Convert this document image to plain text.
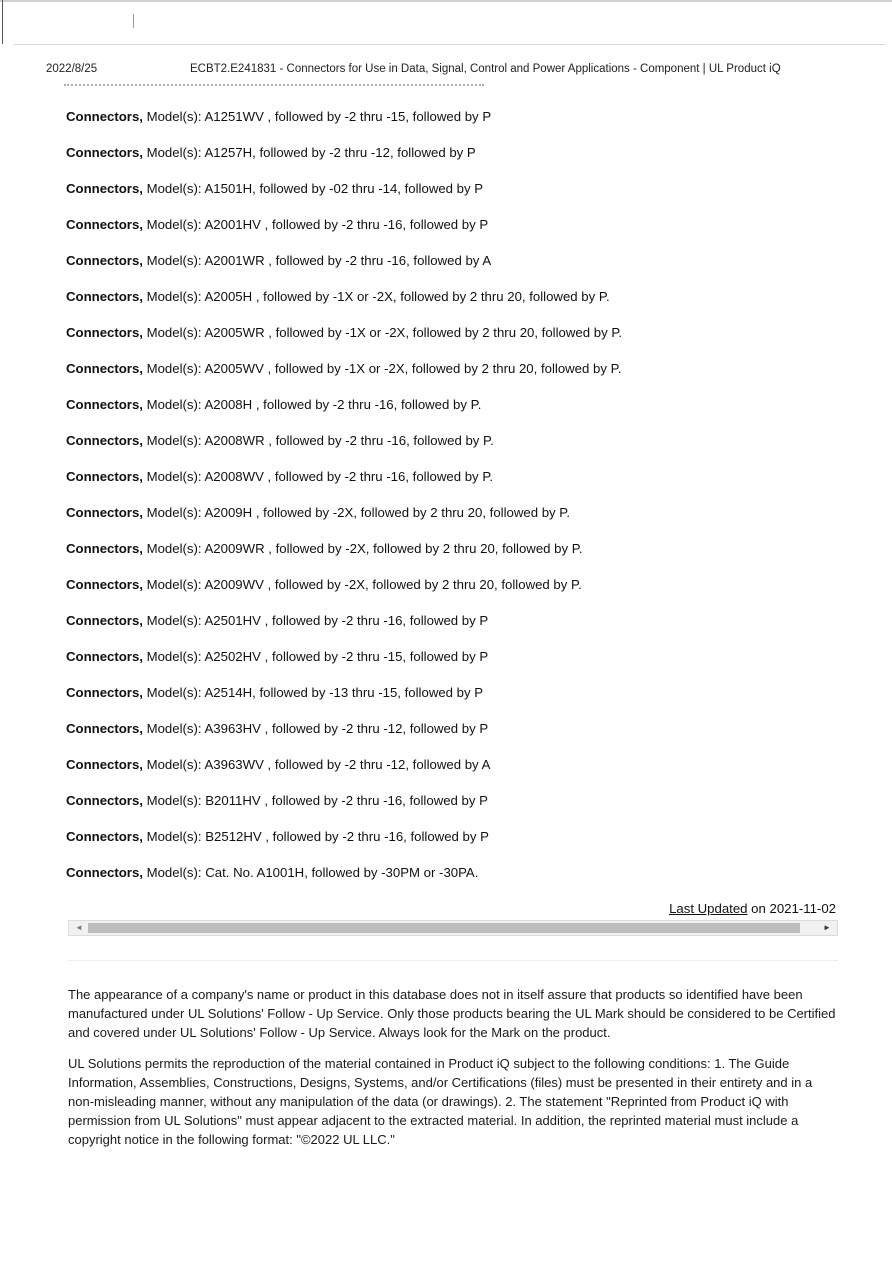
2022/8/25	ECBT2.E241831 - Connectors for Use in Data, Signal, Control and Power Applications - Component | UL Product iQ
Connectors, Model(s): A1251WV , followed by -2 thru -15, followed by P
Connectors, Model(s): A1257H, followed by -2 thru -12, followed by P
Connectors, Model(s): A1501H, followed by -02 thru -14, followed by P
Connectors, Model(s): A2001HV , followed by -2 thru -16, followed by P
Connectors, Model(s): A2001WR , followed by -2 thru -16, followed by A
Connectors, Model(s): A2005H , followed by -1X or -2X, followed by 2 thru 20, followed by P.
Connectors, Model(s): A2005WR , followed by -1X or -2X, followed by 2 thru 20, followed by P.
Connectors, Model(s): A2005WV , followed by -1X or -2X, followed by 2 thru 20, followed by P.
Connectors, Model(s): A2008H , followed by -2 thru -16, followed by P.
Connectors, Model(s): A2008WR , followed by -2 thru -16, followed by P.
Connectors, Model(s): A2008WV , followed by -2 thru -16, followed by P.
Connectors, Model(s): A2009H , followed by -2X, followed by 2 thru 20, followed by P.
Connectors, Model(s): A2009WR , followed by -2X, followed by 2 thru 20, followed by P.
Connectors, Model(s): A2009WV , followed by -2X, followed by 2 thru 20, followed by P.
Connectors, Model(s): A2501HV , followed by -2 thru -16, followed by P
Connectors, Model(s): A2502HV , followed by -2 thru -15, followed by P
Connectors, Model(s): A2514H, followed by -13 thru -15, followed by P
Connectors, Model(s): A3963HV , followed by -2 thru -12, followed by P
Connectors, Model(s): A3963WV , followed by -2 thru -12, followed by A
Connectors, Model(s): B2011HV , followed by -2 thru -16, followed by P
Connectors, Model(s): B2512HV , followed by -2 thru -16, followed by P
Connectors, Model(s): Cat. No. A1001H, followed by -30PM or -30PA.
Last Updated on 2021-11-02
◄	►

The appearance of a company's name or product in this database does not in itself assure that products so identified have been manufactured under UL Solutions' Follow - Up Service. Only those products bearing the UL Mark should be considered to be Certified and covered under UL Solutions' Follow - Up Service. Always look for the Mark on the product.

UL Solutions permits the reproduction of the material contained in Product iQ subject to the following conditions: 1. The Guide Information, Assemblies, Constructions, Designs, Systems, and/or Certifications (files) must be presented in their entirety and in a non-misleading manner, without any manipulation of the data (or drawings). 2. The statement "Reprinted from Product iQ with permission from UL Solutions" must appear adjacent to the extracted material. In addition, the reprinted material must include a copyright notice in the following format: "©2022 UL LLC."
